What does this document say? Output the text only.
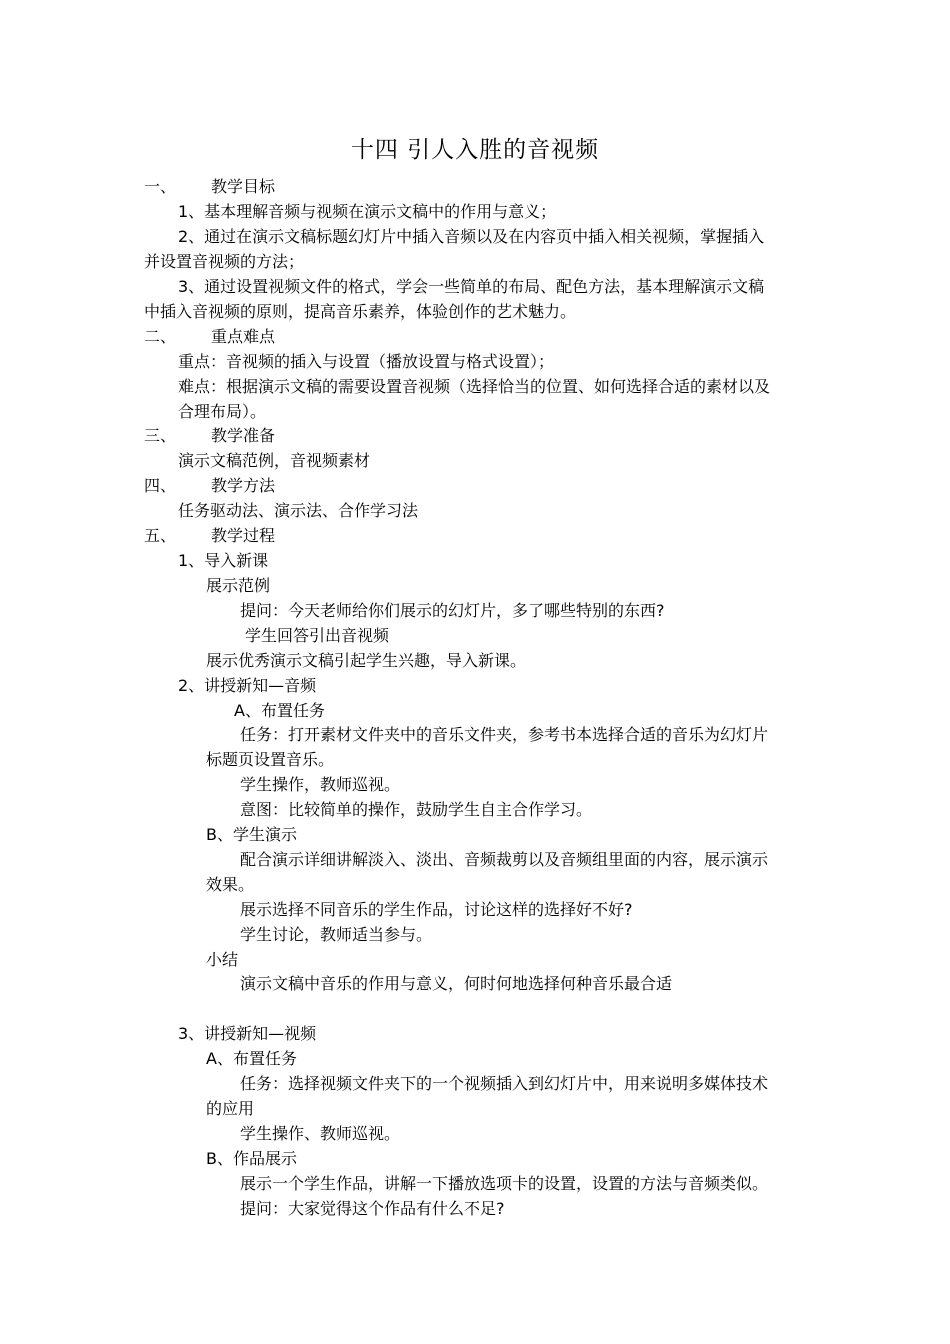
十四 引人入胜的音视频
一、 教学目标
1、基本理解音频与视频在演示文稿中的作用与意义；
2、通过在演示文稿标题幻灯片中插入音频以及在内容页中插入相关视频，掌握插入
并设置音视频的方法；
3、通过设置视频文件的格式，学会一些简单的布局、配色方法，基本理解演示文稿
中插入音视频的原则，提高音乐素养，体验创作的艺术魅力。
二、 重点难点
重点：音视频的插入与设置（播放设置与格式设置）；
难点：根据演示文稿的需要设置音视频（选择恰当的位置、如何选择合适的素材以及
合理布局）。
三、 教学准备
演示文稿范例，音视频素材
四、 教学方法
任务驱动法、演示法、合作学习法
五、 教学过程
1、导入新课
展示范例
提问：今天老师给你们展示的幻灯片，多了哪些特别的东西?
学生回答引出音视频
展示优秀演示文稿引起学生兴趣，导入新课。
2、讲授新知—音频
A、布置任务
任务：打开素材文件夹中的音乐文件夹，参考书本选择合适的音乐为幻灯片
标题页设置音乐。
学生操作，教师巡视。
意图：比较简单的操作，鼓励学生自主合作学习。
B、学生演示
配合演示详细讲解淡入、淡出、音频裁剪以及音频组里面的内容，展示演示
效果。
展示选择不同音乐的学生作品，讨论这样的选择好不好?
学生讨论，教师适当参与。
小结
演示文稿中音乐的作用与意义，何时何地选择何种音乐最合适
3、讲授新知—视频
A、布置任务
任务：选择视频文件夹下的一个视频插入到幻灯片中，用来说明多媒体技术
的应用
学生操作、教师巡视。
B、作品展示
展示一个学生作品，讲解一下播放选项卡的设置，设置的方法与音频类似。
提问：大家觉得这个作品有什么不足?
